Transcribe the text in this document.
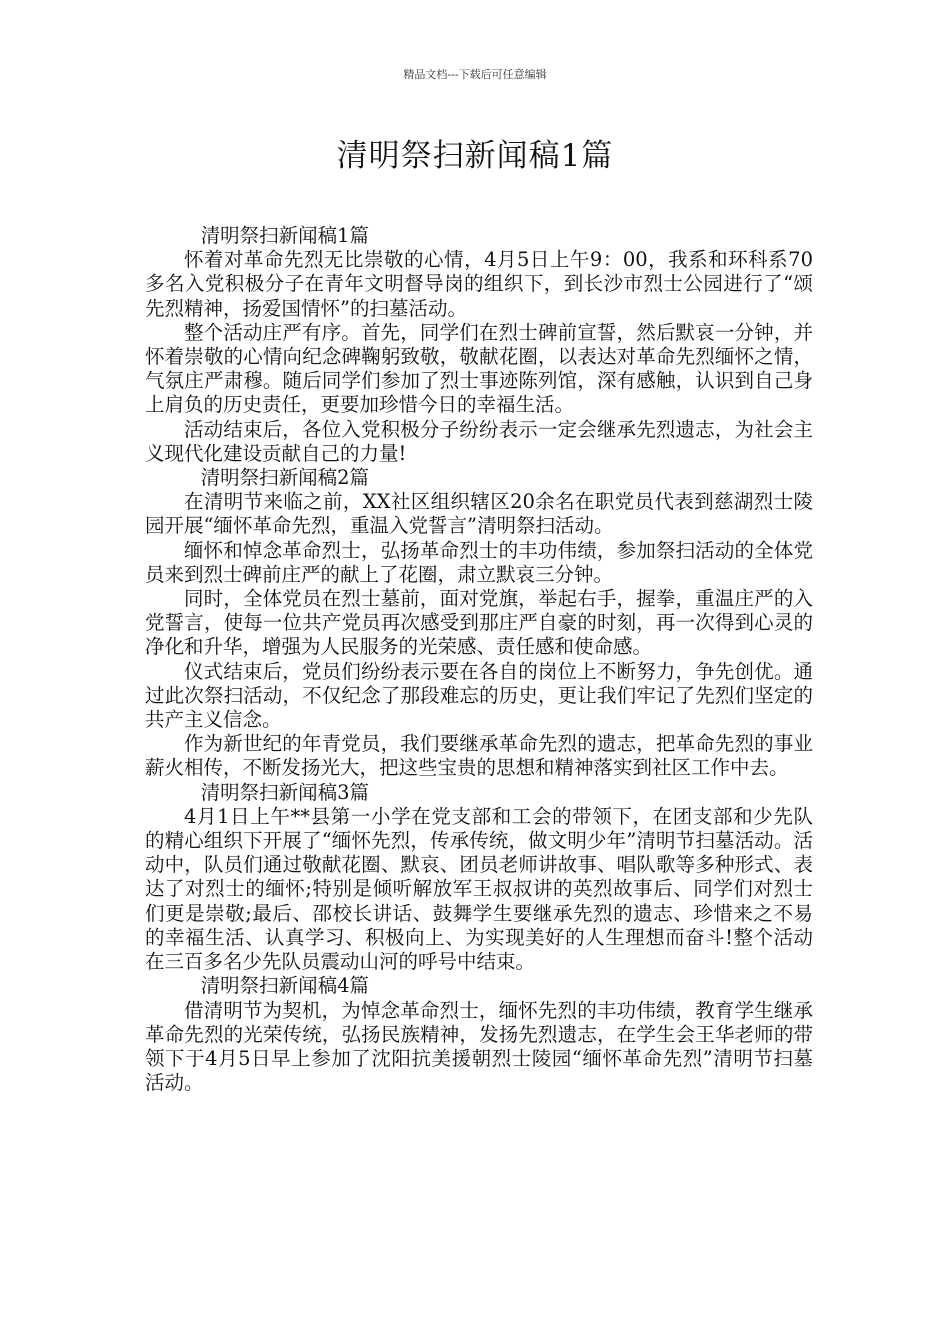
精品文档---下载后可任意编辑
清明祭扫新闻稿1篇

清明祭扫新闻稿1篇

怀着对革命先烈无比崇敬的心情，4月5日上午9：00，我系和环科系70多名入党积极分子在青年文明督导岗的组织下，到长沙市烈士公园进行了“颂先烈精神，扬爱国情怀”的扫墓活动。

整个活动庄严有序。首先，同学们在烈士碑前宣誓，然后默哀一分钟，并怀着崇敬的心情向纪念碑鞠躬致敬，敬献花圈，以表达对革命先烈缅怀之情，气氛庄严肃穆。随后同学们参加了烈士事迹陈列馆，深有感触，认识到自己身上肩负的历史责任，更要加珍惜今日的幸福生活。

活动结束后，各位入党积极分子纷纷表示一定会继承先烈遗志，为社会主义现代化建设贡献自己的力量!

清明祭扫新闻稿2篇

在清明节来临之前，XX社区组织辖区20余名在职党员代表到慈湖烈士陵园开展“缅怀革命先烈，重温入党誓言”清明祭扫活动。

缅怀和悼念革命烈士，弘扬革命烈士的丰功伟绩，参加祭扫活动的全体党员来到烈士碑前庄严的献上了花圈，肃立默哀三分钟。

同时，全体党员在烈士墓前，面对党旗，举起右手，握拳，重温庄严的入党誓言，使每一位共产党员再次感受到那庄严自豪的时刻，再一次得到心灵的净化和升华，增强为人民服务的光荣感、责任感和使命感。

仪式结束后，党员们纷纷表示要在各自的岗位上不断努力，争先创优。通过此次祭扫活动，不仅纪念了那段难忘的历史，更让我们牢记了先烈们坚定的共产主义信念。

作为新世纪的年青党员，我们要继承革命先烈的遗志，把革命先烈的事业薪火相传，不断发扬光大，把这些宝贵的思想和精神落实到社区工作中去。

清明祭扫新闻稿3篇

4月1日上午**县第一小学在党支部和工会的带领下，在团支部和少先队的精心组织下开展了“缅怀先烈，传承传统，做文明少年”清明节扫墓活动。活动中，队员们通过敬献花圈、默哀、团员老师讲故事、唱队歌等多种形式、表达了对烈士的缅怀;特别是倾听解放军王叔叔讲的英烈故事后、同学们对烈士们更是崇敬;最后、邵校长讲话、鼓舞学生要继承先烈的遗志、珍惜来之不易的幸福生活、认真学习、积极向上、为实现美好的人生理想而奋斗!整个活动在三百多名少先队员震动山河的呼号中结束。

清明祭扫新闻稿4篇

借清明节为契机，为悼念革命烈士，缅怀先烈的丰功伟绩，教育学生继承革命先烈的光荣传统，弘扬民族精神，发扬先烈遗志，在学生会王华老师的带领下于4月5日早上参加了沈阳抗美援朝烈士陵园“缅怀革命先烈”清明节扫墓活动。
